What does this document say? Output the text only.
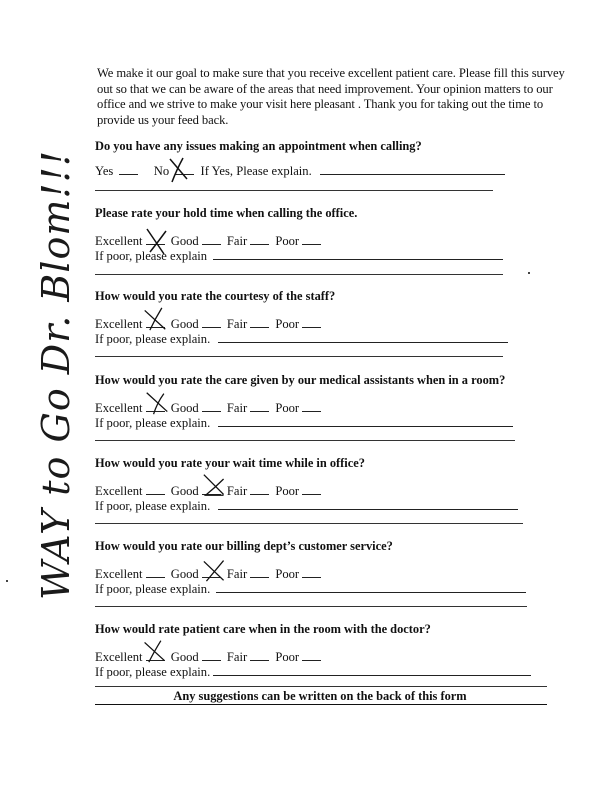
We make it our goal to make sure that you receive excellent patient care. Please fill this survey out so that we can be aware of the areas that need improvement. Your opinion matters to our office and we strive to make your visit here pleasant . Thank you for taking out the time to provide us your feed back.
Do you have any issues making an appointment when calling?
Yes	No If Yes, Please explain.
Please rate your hold time when calling the office.
Excellent Good Fair Poor
If poor, please explain
How would you rate the courtesy of the staff?
Excellent Good Fair Poor
If poor, please explain.
How would you rate the care given by our medical assistants when in a room?
Excellent Good Fair Poor
If poor, please explain.
How would you rate your wait time while in office?
Excellent Good Fair Poor
If poor, please explain.
How would you rate our billing dept’s customer service?
Excellent Good Fair Poor
If poor, please explain.
How would rate patient care when in the room with the doctor?
Excellent Good Fair Poor
If poor, please explain.
Any suggestions can be written on the back of this form
WAY to Go Dr. Blom!!!
